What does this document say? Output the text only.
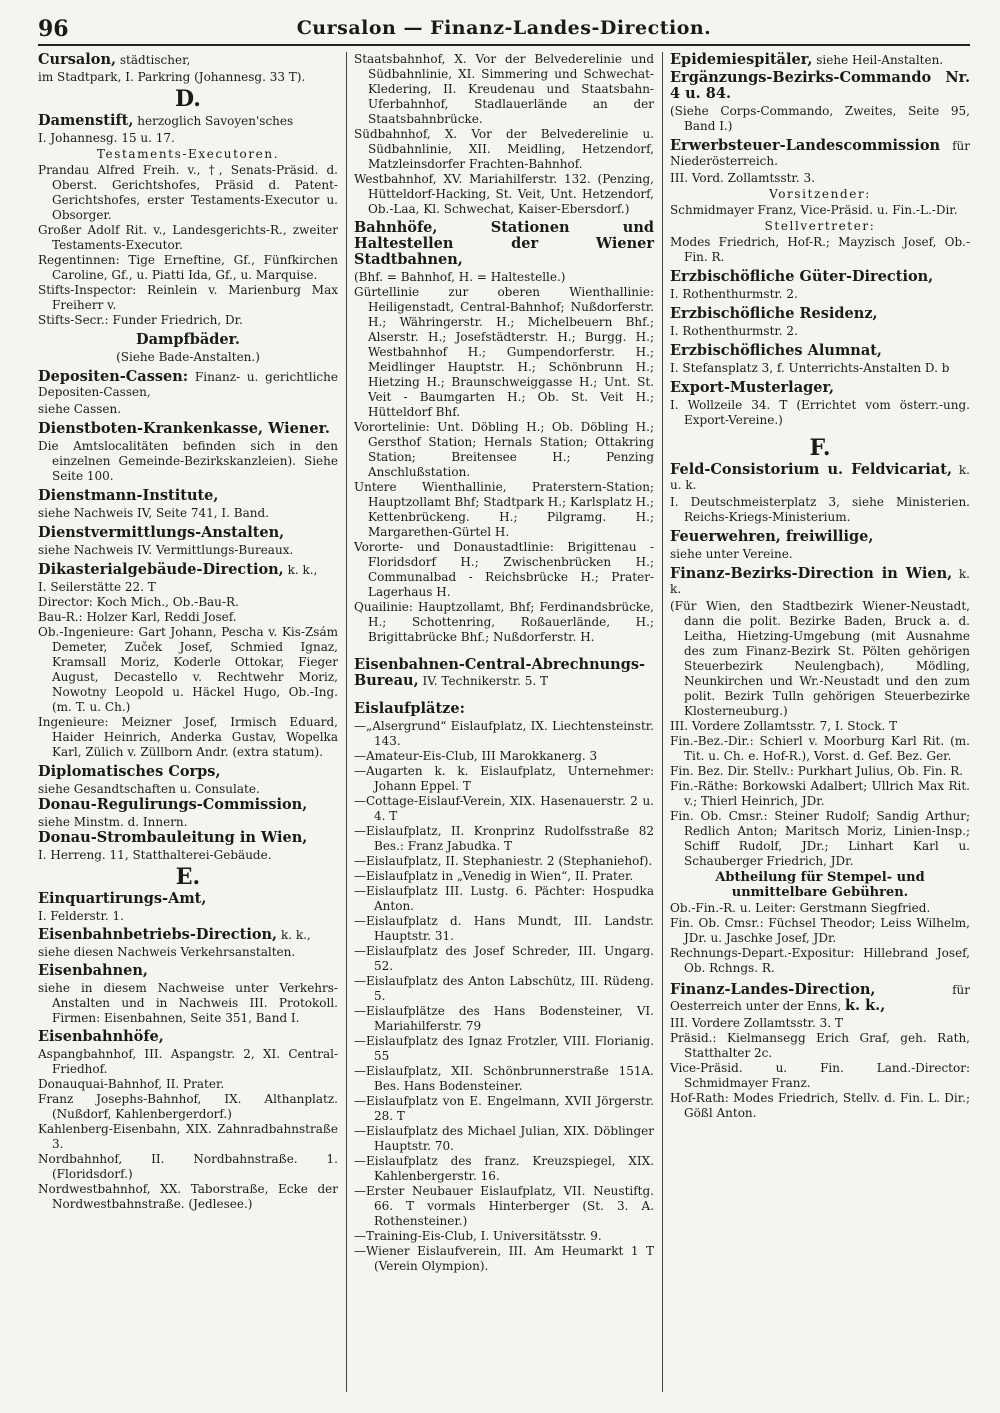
96	Cursalon — Finanz-Landes-Direction.

Cursalon, städtischer,

im Stadtpark, I. Parkring (Johannesg. 33 T).

D.

Damenstift, herzoglich Savoyen'sches

I. Johannesg. 15 u. 17.

Testaments-Executoren.

Prandau Alfred Freih. v., †, Senats-Präsid. d. Oberst. Gerichtshofes, Präsid d. Patent-Gerichtshofes, erster Testaments-Executor u. Obsorger.

Großer Adolf Rit. v., Landesgerichts-R., zweiter Testaments-Executor.

Regentinnen: Tige Erneftine, Gf., Fünfkirchen Caroline, Gf., u. Piatti Ida, Gf., u. Marquise.

Stifts-Inspector: Reinlein v. Marienburg Max Freiherr v.

Stifts-Secr.: Funder Friedrich, Dr.

Dampfbäder.

(Siehe Bade-Anstalten.)

Depositen-Cassen: Finanz- u. gerichtliche Depositen-Cassen,

siehe Cassen.

Dienstboten-Krankenkasse, Wiener.

Die Amtslocalitäten befinden sich in den einzelnen Gemeinde-Bezirkskanzleien). Siehe Seite 100.

Dienstmann-Institute,

siehe Nachweis IV, Seite 741, I. Band.

Dienstvermittlungs-Anstalten,

siehe Nachweis IV. Vermittlungs-Bureaux.

Dikasterialgebäude-Direction, k. k.,

I. Seilerstätte 22. T

Director: Koch Mich., Ob.-Bau-R.

Bau-R.: Holzer Karl, Reddi Josef.

Ob.-Ingenieure: Gart Johann, Pescha v. Kis-Zsám Demeter, Zuček Josef, Schmied Ignaz, Kramsall Moriz, Koderle Ottokar, Fieger August, Decastello v. Rechtwehr Moriz, Nowotny Leopold u. Häckel Hugo, Ob.-Ing. (m. T. u. Ch.)

Ingenieure: Meizner Josef, Irmisch Eduard, Haider Heinrich, Anderka Gustav, Wopelka Karl, Zülich v. Züllborn Andr. (extra statum).

Diplomatisches Corps,

siehe Gesandtschaften u. Consulate.

Donau-Regulirungs-Commission,

siehe Minstm. d. Innern.

Donau-Strombauleitung in Wien,

I. Herreng. 11, Statthalterei-Gebäude.

E.

Einquartirungs-Amt,

I. Felderstr. 1.

Eisenbahnbetriebs-Direction, k. k.,

siehe diesen Nachweis Verkehrsanstalten.

Eisenbahnen,

siehe in diesem Nachweise unter Verkehrs-Anstalten und in Nachweis III. Protokoll. Firmen: Eisenbahnen, Seite 351, Band I.

Eisenbahnhöfe,

Aspangbahnhof, III. Aspangstr. 2, XI. Central-Friedhof.

Donauquai-Bahnhof, II. Prater.

Franz Josephs-Bahnhof, IX. Althanplatz. (Nußdorf, Kahlenbergerdorf.)

Kahlenberg-Eisenbahn, XIX. Zahnradbahnstraße 3.

Nordbahnhof, II. Nordbahnstraße. 1. (Floridsdorf.)

Nordwestbahnhof, XX. Taborstraße, Ecke der Nordwestbahnstraße. (Jedlesee.)

Staatsbahnhof, X. Vor der Belvederelinie und Südbahnlinie, XI. Simmering und Schwechat-Kledering, II. Kreudenau und Staatsbahn-Uferbahnhof, Stadlauerlände an der Staatsbahnbrücke.

Südbahnhof, X. Vor der Belvederelinie u. Südbahnlinie, XII. Meidling, Hetzendorf, Matzleinsdorfer Frachten-Bahnhof.

Westbahnhof, XV. Mariahilferstr. 132. (Penzing, Hütteldorf-Hacking, St. Veit, Unt. Hetzendorf, Ob.-Laa, Kl. Schwechat, Kaiser-Ebersdorf.)

Bahnhöfe, Stationen und Haltestellen der Wiener Stadtbahnen,

(Bhf. = Bahnhof, H. = Haltestelle.)

Gürtellinie zur oberen Wienthallinie: Heiligenstadt, Central-Bahnhof; Nußdorferstr. H.; Währingerstr. H.; Michelbeuern Bhf.; Alserstr. H.; Josefstädterstr. H.; Burgg. H.; Westbahnhof H.; Gumpendorferstr. H.; Meidlinger Hauptstr. H.; Schönbrunn H.; Hietzing H.; Braunschweiggasse H.; Unt. St. Veit - Baumgarten H.; Ob. St. Veit H.; Hütteldorf Bhf.

Vorortelinie: Unt. Döbling H.; Ob. Döbling H.; Gersthof Station; Hernals Station; Ottakring Station; Breitensee H.; Penzing Anschlußstation.

Untere Wienthallinie, Praterstern-Station; Hauptzollamt Bhf; Stadtpark H.; Karlsplatz H.; Kettenbrückeng. H.; Pilgramg. H.; Margarethen-Gürtel H.

Vororte- und Donaustadtlinie: Brigittenau - Floridsdorf H.; Zwischenbrücken H.; Communalbad - Reichsbrücke H.; Prater-Lagerhaus H.

Quailinie: Hauptzollamt, Bhf; Ferdinandsbrücke, H.; Schottenring, Roßauerlände, H.; Brigittabrücke Bhf.; Nußdorferstr. H.

Eisenbahnen-Central-Abrechnungs-Bureau, IV. Technikerstr. 5. T

Eislaufplätze:

—„Alsergrund“ Eislaufplatz, IX. Liechtensteinstr. 143.

—Amateur-Eis-Club, III Marokkanerg. 3

—Augarten k. k. Eislaufplatz, Unternehmer: Johann Eppel. T

—Cottage-Eislauf-Verein, XIX. Hasenauerstr. 2 u. 4. T

—Eislaufplatz, II. Kronprinz Rudolfsstraße 82 Bes.: Franz Jabudka. T

—Eislaufplatz, II. Stephaniestr. 2 (Stephaniehof).

—Eislaufplatz in „Venedig in Wien“, II. Prater.

—Eislaufplatz III. Lustg. 6. Pächter: Hospudka Anton.

—Eislaufplatz d. Hans Mundt, III. Landstr. Hauptstr. 31.

—Eislaufplatz des Josef Schreder, III. Ungarg. 52.

—Eislaufplatz des Anton Labschütz, III. Rüdeng. 5.

—Eislaufplätze des Hans Bodensteiner, VI. Mariahilferstr. 79

—Eislaufplatz des Ignaz Frotzler, VIII. Florianig. 55

—Eislaufplatz, XII. Schönbrunnerstraße 151A. Bes. Hans Bodensteiner.

—Eislaufplatz von E. Engelmann, XVII Jörgerstr. 28. T

—Eislaufplatz des Michael Julian, XIX. Döblinger Hauptstr. 70.

—Eislaufplatz des franz. Kreuzspiegel, XIX. Kahlenbergerstr. 16.

—Erster Neubauer Eislaufplatz, VII. Neustiftg. 66. T vormals Hinterberger (St. 3. A. Rothensteiner.)

—Training-Eis-Club, I. Universitätsstr. 9.

—Wiener Eislaufverein, III. Am Heumarkt 1 T (Verein Olympion).

Epidemiespitäler, siehe Heil-Anstalten.

Ergänzungs-Bezirks-Commando Nr. 4 u. 84.

(Siehe Corps-Commando, Zweites, Seite 95, Band I.)

Erwerbsteuer-Landescommission für Niederösterreich.

III. Vord. Zollamtsstr. 3.

Vorsitzender:

Schmidmayer Franz, Vice-Präsid. u. Fin.-L.-Dir.

Stellvertreter:

Modes Friedrich, Hof-R.; Mayzisch Josef, Ob.-Fin. R.

Erzbischöfliche Güter-Direction,

I. Rothenthurmstr. 2.

Erzbischöfliche Residenz,

I. Rothenthurmstr. 2.

Erzbischöfliches Alumnat,

I. Stefansplatz 3, f. Unterrichts-Anstalten D. b

Export-Musterlager,

I. Wollzeile 34. T (Errichtet vom österr.-ung. Export-Vereine.)

F.

Feld-Consistorium u. Feldvicariat, k. u. k.

I. Deutschmeisterplatz 3, siehe Ministerien. Reichs-Kriegs-Ministerium.

Feuerwehren, freiwillige,

siehe unter Vereine.

Finanz-Bezirks-Direction in Wien, k. k.

(Für Wien, den Stadtbezirk Wiener-Neustadt, dann die polit. Bezirke Baden, Bruck a. d. Leitha, Hietzing-Umgebung (mit Ausnahme des zum Finanz-Bezirk St. Pölten gehörigen Steuerbezirk Neulengbach), Mödling, Neunkirchen und Wr.-Neustadt und den zum polit. Bezirk Tulln gehörigen Steuerbezirke Klosterneuburg.)

III. Vordere Zollamtsstr. 7, I. Stock. T

Fin.-Bez.-Dir.: Schierl v. Moorburg Karl Rit. (m. Tit. u. Ch. e. Hof-R.), Vorst. d. Gef. Bez. Ger.

Fin. Bez. Dir. Stellv.: Purkhart Julius, Ob. Fin. R.

Fin.-Räthe: Borkowski Adalbert; Ullrich Max Rit. v.; Thierl Heinrich, JDr.

Fin. Ob. Cmsr.: Steiner Rudolf; Sandig Arthur; Redlich Anton; Maritsch Moriz, Linien-Insp.; Schiff Rudolf, JDr.; Linhart Karl u. Schauberger Friedrich, JDr.

Abtheilung für Stempel- und unmittelbare Gebühren.

Ob.-Fin.-R. u. Leiter: Gerstmann Siegfried.

Fin. Ob. Cmsr.: Füchsel Theodor; Leiss Wilhelm, JDr. u. Jaschke Josef, JDr.

Rechnungs-Depart.-Expositur: Hillebrand Josef, Ob. Rchngs. R.

Finanz-Landes-Direction,	für Oesterreich unter der Enns, k. k.,

III. Vordere Zollamtsstr. 3. T

Präsid.: Kielmansegg Erich Graf, geh. Rath, Statthalter 2c.

Vice-Präsid. u. Fin. Land.-Director: Schmidmayer Franz.

Hof-Rath: Modes Friedrich, Stellv. d. Fin. L. Dir.; Gößl Anton.
